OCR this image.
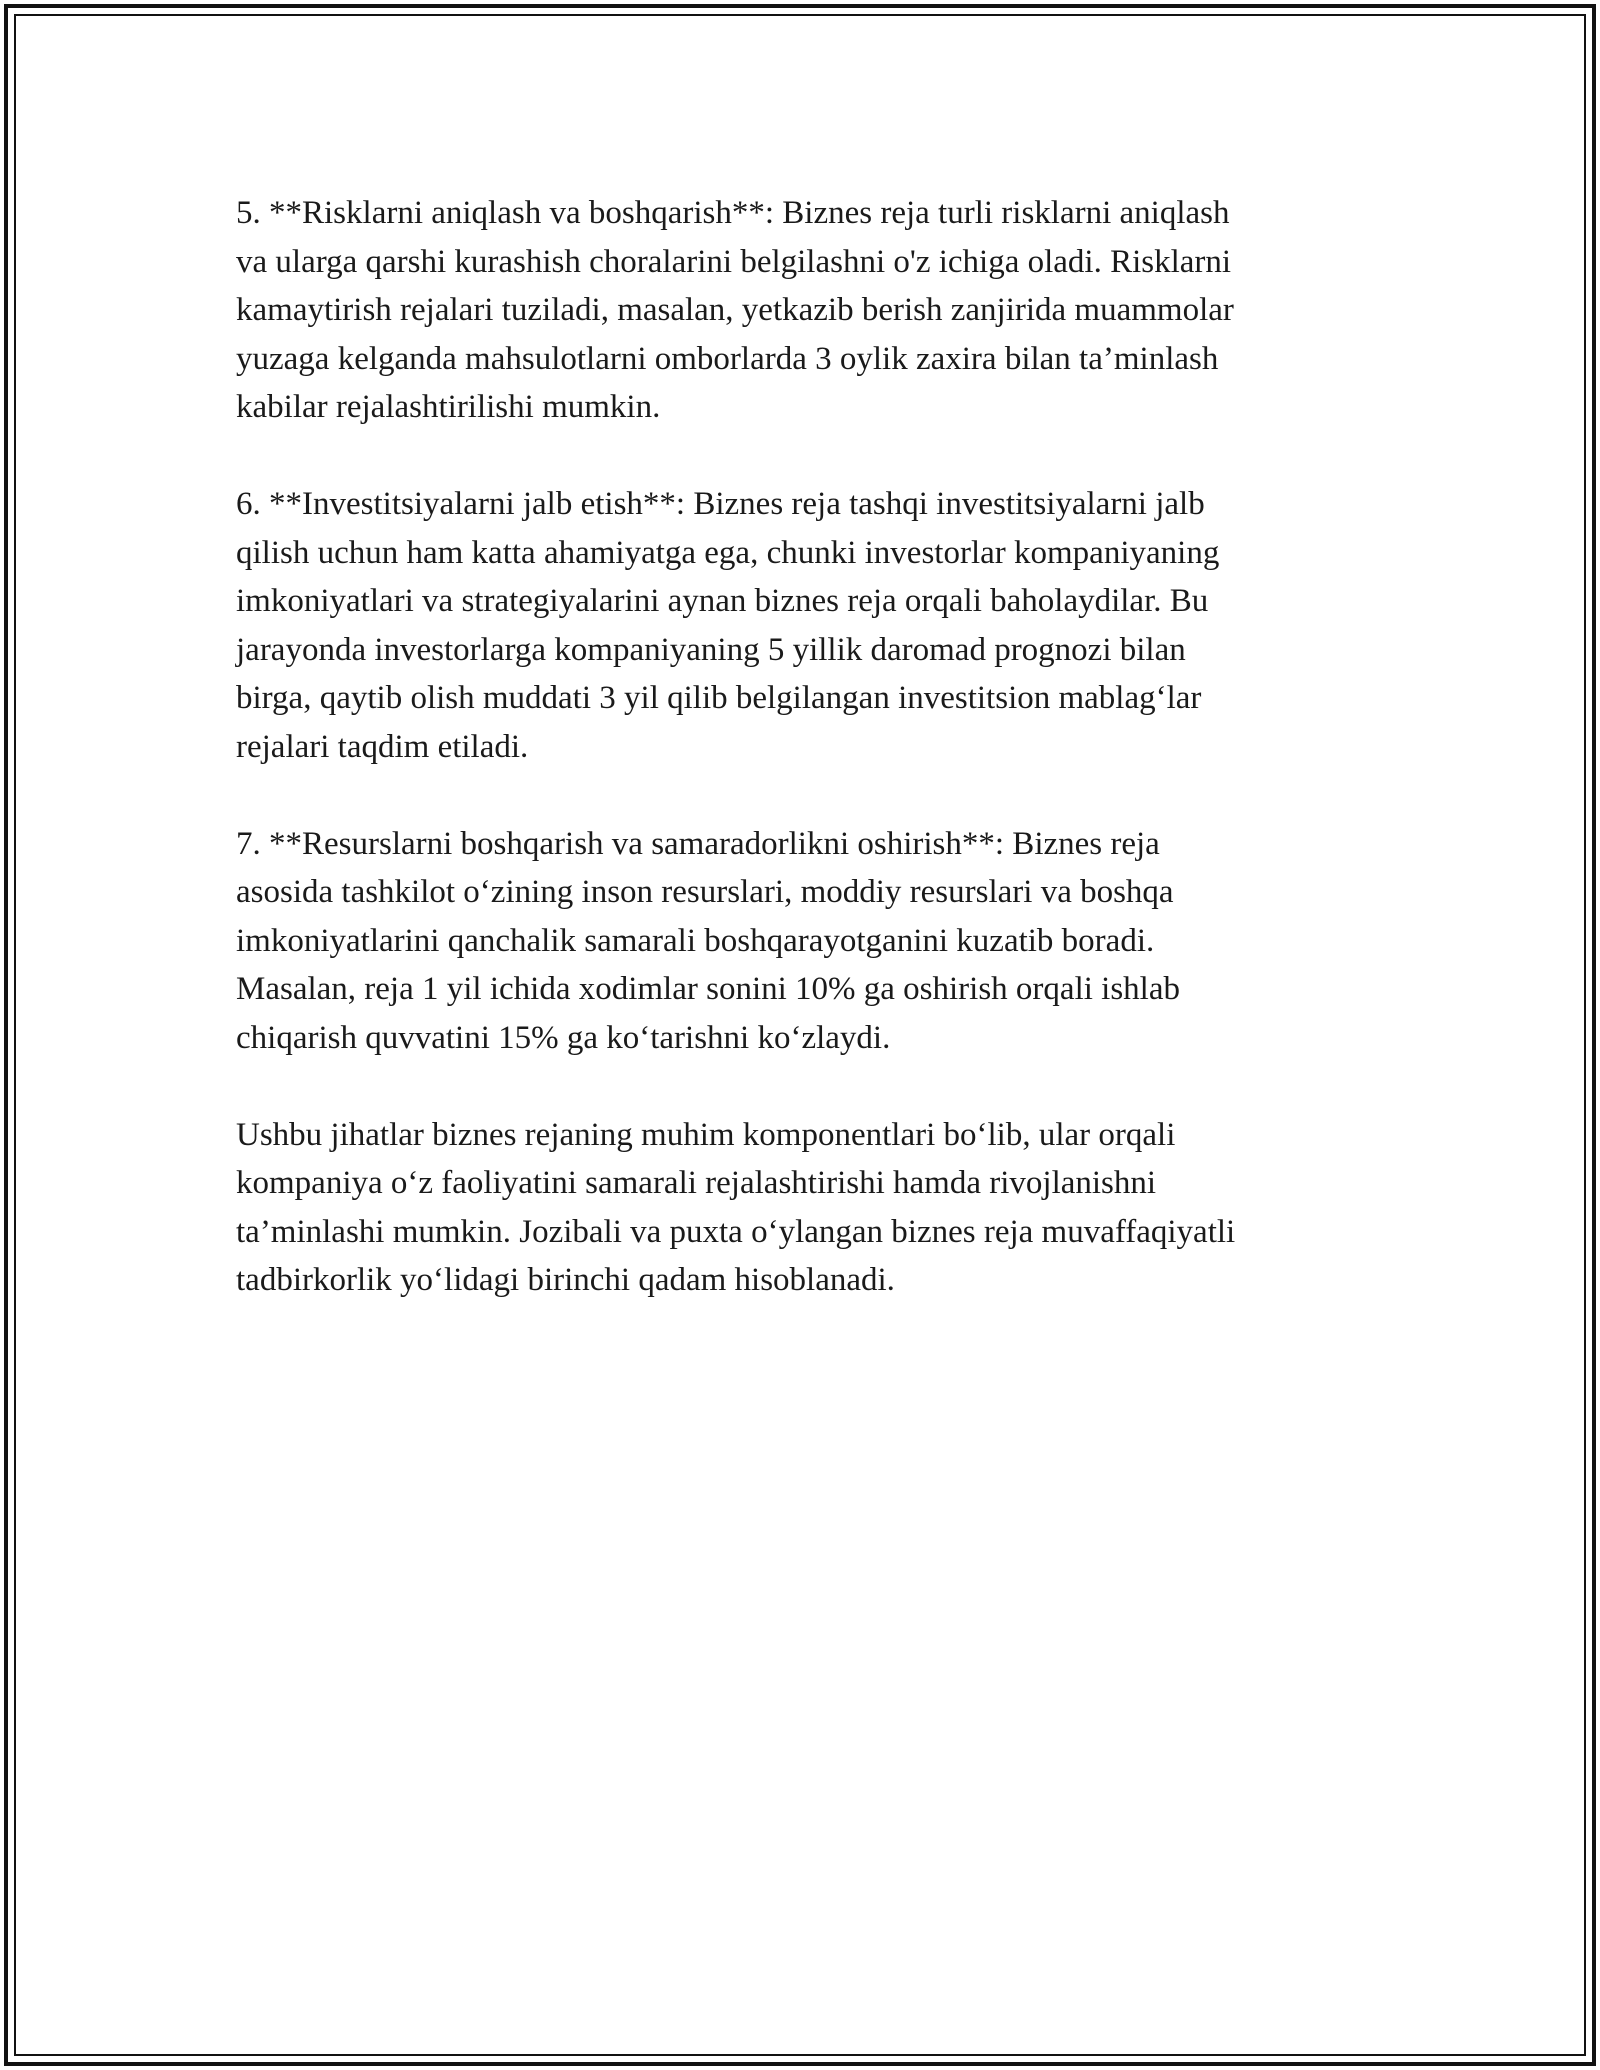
5. **Risklarni aniqlash va boshqarish**: Biznes reja turli risklarni aniqlash
va ularga qarshi kurashish choralarini belgilashni o'z ichiga oladi. Risklarni
kamaytirish rejalari tuziladi, masalan, yetkazib berish zanjirida muammolar
yuzaga kelganda mahsulotlarni omborlarda 3 oylik zaxira bilan ta’minlash
kabilar rejalashtirilishi mumkin.

6. **Investitsiyalarni jalb etish**: Biznes reja tashqi investitsiyalarni jalb
qilish uchun ham katta ahamiyatga ega, chunki investorlar kompaniyaning
imkoniyatlari va strategiyalarini aynan biznes reja orqali baholaydilar. Bu
jarayonda investorlarga kompaniyaning 5 yillik daromad prognozi bilan
birga, qaytib olish muddati 3 yil qilib belgilangan investitsion mablag‘lar
rejalari taqdim etiladi.

7. **Resurslarni boshqarish va samaradorlikni oshirish**: Biznes reja
asosida tashkilot o‘zining inson resurslari, moddiy resurslari va boshqa
imkoniyatlarini qanchalik samarali boshqarayotganini kuzatib boradi.
Masalan, reja 1 yil ichida xodimlar sonini 10% ga oshirish orqali ishlab
chiqarish quvvatini 15% ga ko‘tarishni ko‘zlaydi.

Ushbu jihatlar biznes rejaning muhim komponentlari bo‘lib, ular orqali
kompaniya o‘z faoliyatini samarali rejalashtirishi hamda rivojlanishni
ta’minlashi mumkin. Jozibali va puxta o‘ylangan biznes reja muvaffaqiyatli
tadbirkorlik yo‘lidagi birinchi qadam hisoblanadi.
